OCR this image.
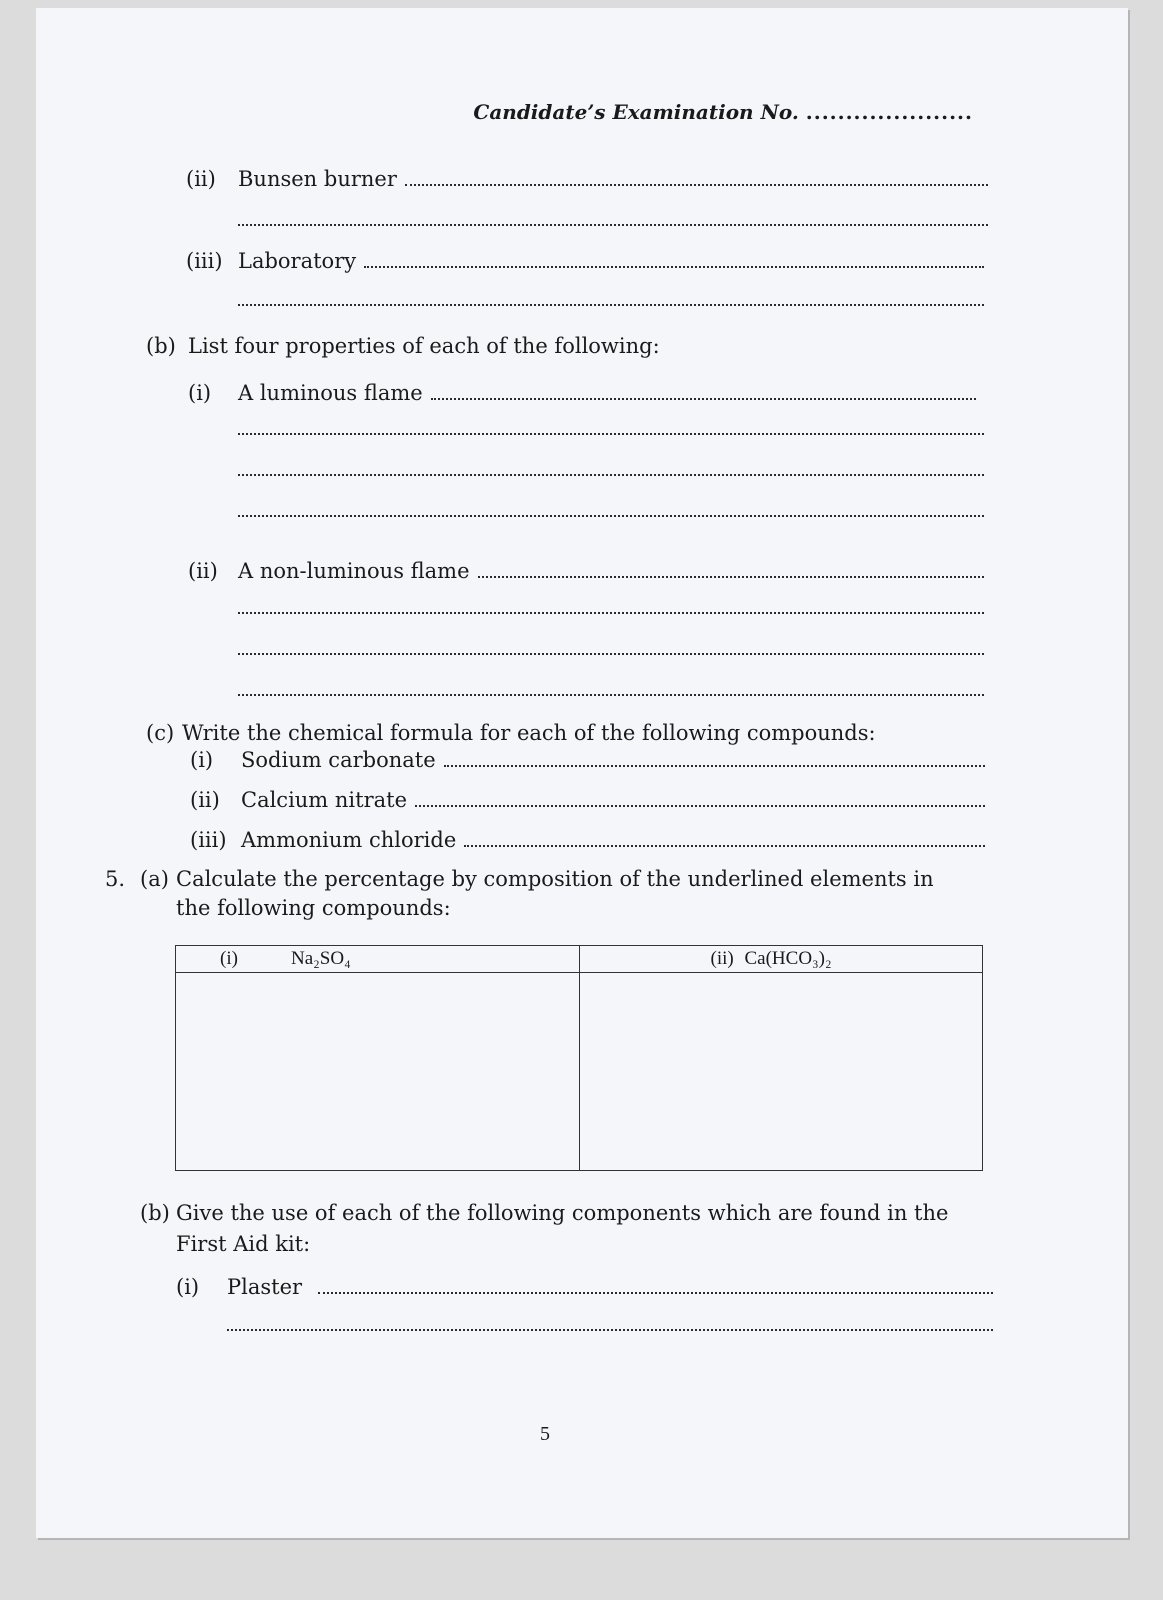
Candidate’s Examination No. .....................
(ii) Bunsen burner
(iii) Laboratory
(b) List four properties of each of the following:
(i) A luminous flame
(ii) A non-luminous flame
(c) Write the chemical formula for each of the following compounds:
(i) Sodium carbonate
(ii) Calcium nitrate
(iii) Ammonium chloride
5. (a) Calculate the percentage by composition of the underlined elements in
the following compounds:
(i)	Na₂SO₄	(ii) Ca(HCO₃)₂
(b) Give the use of each of the following components which are found in the
First Aid kit:
(i) Plaster
5
